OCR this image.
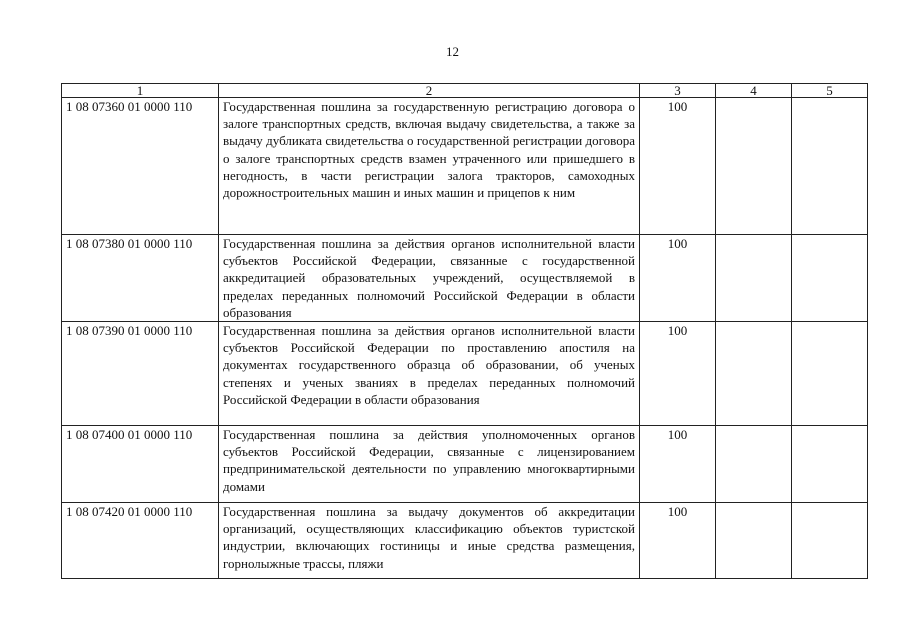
12
1	2	3	4	5
1 08 07360 01 0000 110	Государственная пошлина за государственную регистрацию договора о залоге транспортных средств, включая выдачу свидетельства, а также за выдачу дубликата свидетельства о государственной регистрации договора о залоге транспортных средств взамен утраченного или пришедшего в негодность, в части регистрации залога тракторов, самоходных дорожностроительных машин и иных машин и прицепов к ним	100		
1 08 07380 01 0000 110	Государственная пошлина за действия органов исполнительной власти субъектов Российской Федерации, связанные с государственной аккредитацией образовательных учреждений, осуществляемой в пределах переданных полномочий Российской Федерации в области образования	100		
1 08 07390 01 0000 110	Государственная пошлина за действия органов исполнительной власти субъектов Российской Федерации по проставлению апостиля на документах государственного образца об образовании, об ученых степенях и ученых званиях в пределах переданных полномочий Российской Федерации в области образования	100		
1 08 07400 01 0000 110	Государственная пошлина за действия уполномоченных органов субъектов Российской Федерации, связанные с лицензированием предпринимательской деятельности по управлению многоквартирными домами	100		
1 08 07420 01 0000 110	Государственная пошлина за выдачу документов об аккредитации организаций, осуществляющих классификацию объектов туристской индустрии, включающих гостиницы и иные средства размещения, горнолыжные трассы, пляжи	100		
